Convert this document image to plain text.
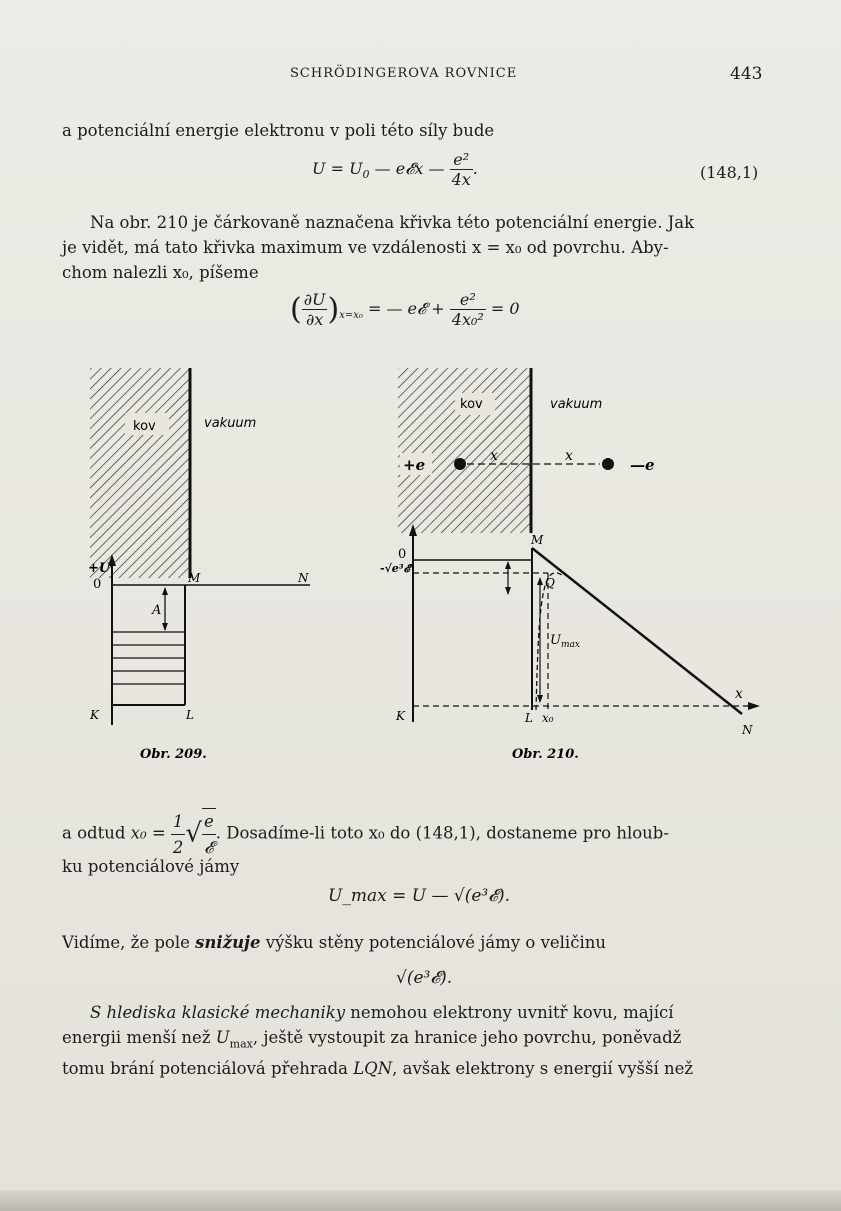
SCHRÖDINGEROVA ROVNICE	443
a potenciální energie elektronu v poli této síly bude
$U = U_0$ — e𝓔x — $\frac{\text{e²}}{4x}$ .	(148,1)
Na obr. 210 je čárkovaně naznačena křivka této potenciální energie. Jak
je vidět, má tato křivka maximum ve vzdálenosti x = x₀ od povrchu. Aby-
chom nalezli x₀, píšeme
( $\frac{\partial U}{\partial x} )_{x=x_0}$ = — e𝓔 + $\frac{\text{e²}}{\text{4x₀²}} = 0$
kov	vakuum
+U
0	M	N
A
K	L
Obr. 209.
kov	vakuum
+e	x	x	—e
0
-√e³𝓔
M
Q
$U_{max}$
x
K	L x₀
N
Obr. 210.
a odtud $x_0 = \frac{1}{2}$ √ $\frac{e}{\text{𝓔}}$ . Dosadíme-li toto x₀ do (148,1), dostaneme pro hloub-
ku potenciálové jámy
U_max = U — √(e³𝓔).
Vidíme, že pole snižuje výšku stěny potenciálové jámy o veličinu
√(e³𝓔).
S hlediska klasické mechaniky nemohou elektrony uvnitř kovu, mající
energii menší než $U_{max}$, ještě vystoupit za hranice jeho povrchu, poněvadž
tomu brání potenciálová přehrada LQN, avšak elektrony s energií vyšší než
